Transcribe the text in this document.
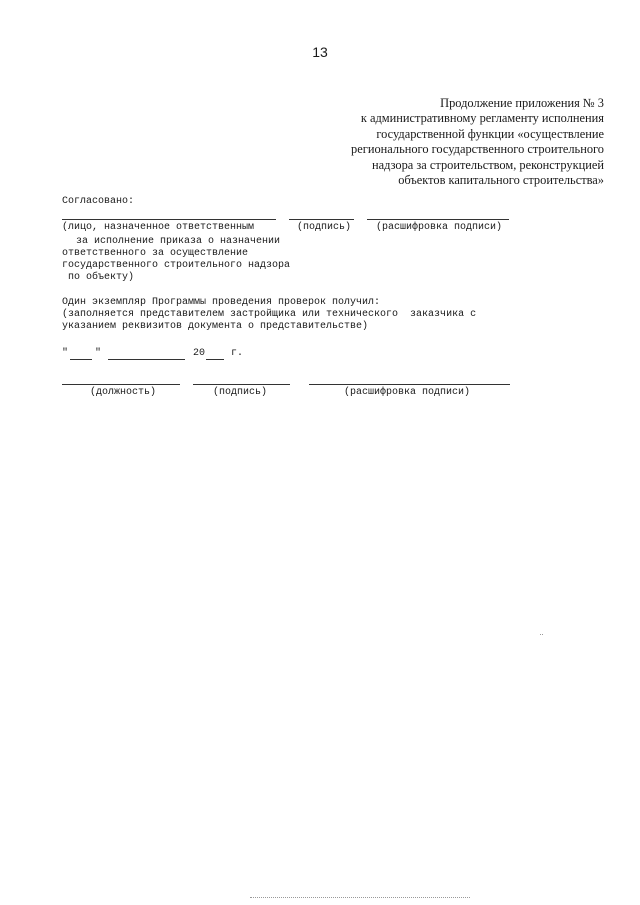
13
Продолжение приложения № 3
к административному регламенту исполнения
государственной функции «осуществление
регионального государственного строительного
надзора за строительством, реконструкцией
объектов капитального строительства»
Согласовано:
(лицо, назначенное ответственным	(подпись) (расшифровка подписи)
за исполнение приказа о назначении
ответственного за осуществление
государственного строительного надзора
по объекту)
Один экземпляр Программы проведения проверок получил:
(заполняется представителем застройщика или технического  заказчика с
указанием реквизитов документа о представительстве)
"	"	20	г.
(должность)	(подпись)	(расшифровка подписи)
